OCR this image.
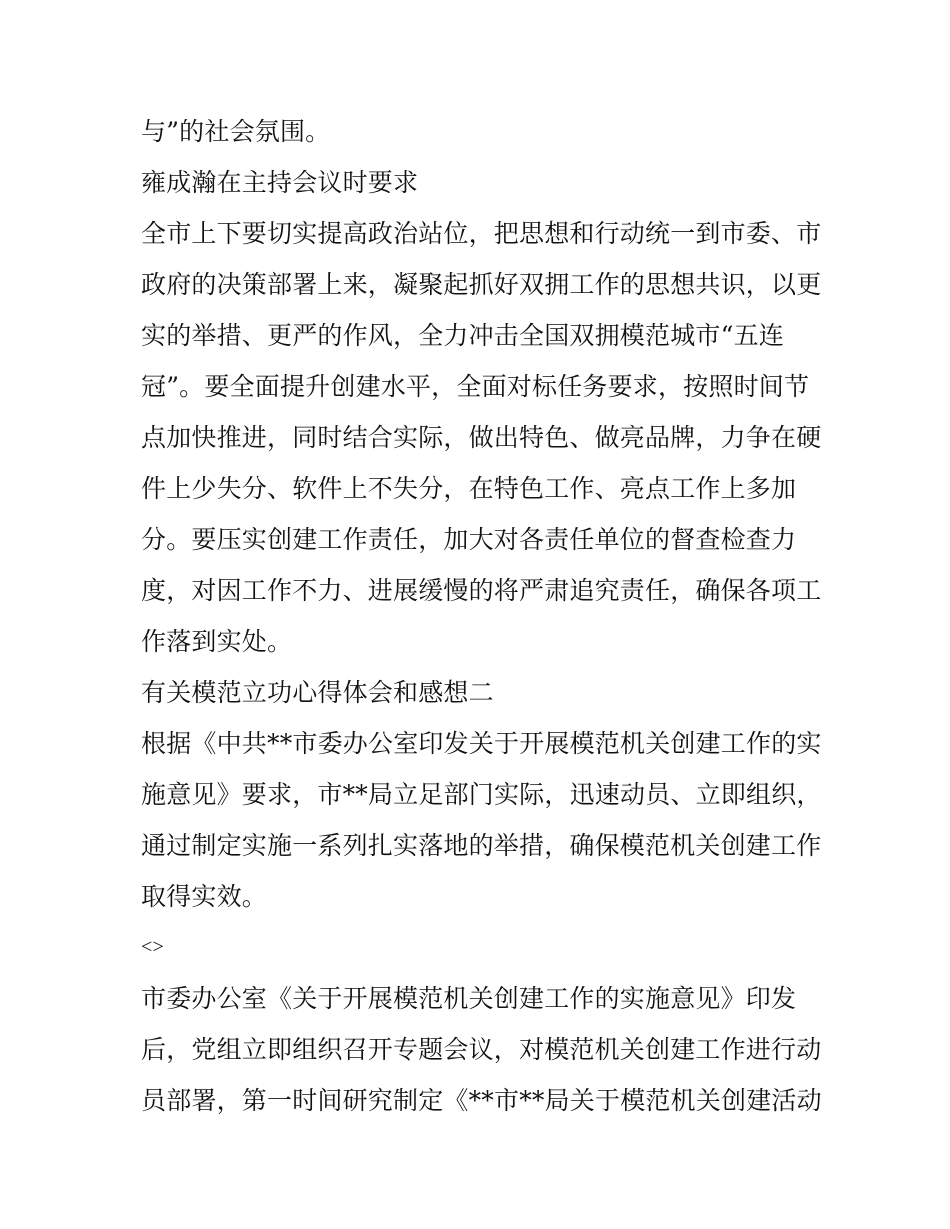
与”的社会氛围。
雍成瀚在主持会议时要求
全市上下要切实提高政治站位，把思想和行动统一到市委、市
政府的决策部署上来，凝聚起抓好双拥工作的思想共识，以更
实的举措、更严的作风，全力冲击全国双拥模范城市“五连
冠”。要全面提升创建水平，全面对标任务要求，按照时间节
点加快推进，同时结合实际，做出特色、做亮品牌，力争在硬
件上少失分、软件上不失分，在特色工作、亮点工作上多加
分。要压实创建工作责任，加大对各责任单位的督查检查力
度，对因工作不力、进展缓慢的将严肃追究责任，确保各项工
作落到实处。
有关模范立功心得体会和感想二
根据《中共**市委办公室印发关于开展模范机关创建工作的实
施意见》要求，市**局立足部门实际，迅速动员、立即组织，
通过制定实施一系列扎实落地的举措，确保模范机关创建工作
取得实效。
<>
市委办公室《关于开展模范机关创建工作的实施意见》印发
后，党组立即组织召开专题会议，对模范机关创建工作进行动
员部署，第一时间研究制定《**市**局关于模范机关创建活动
